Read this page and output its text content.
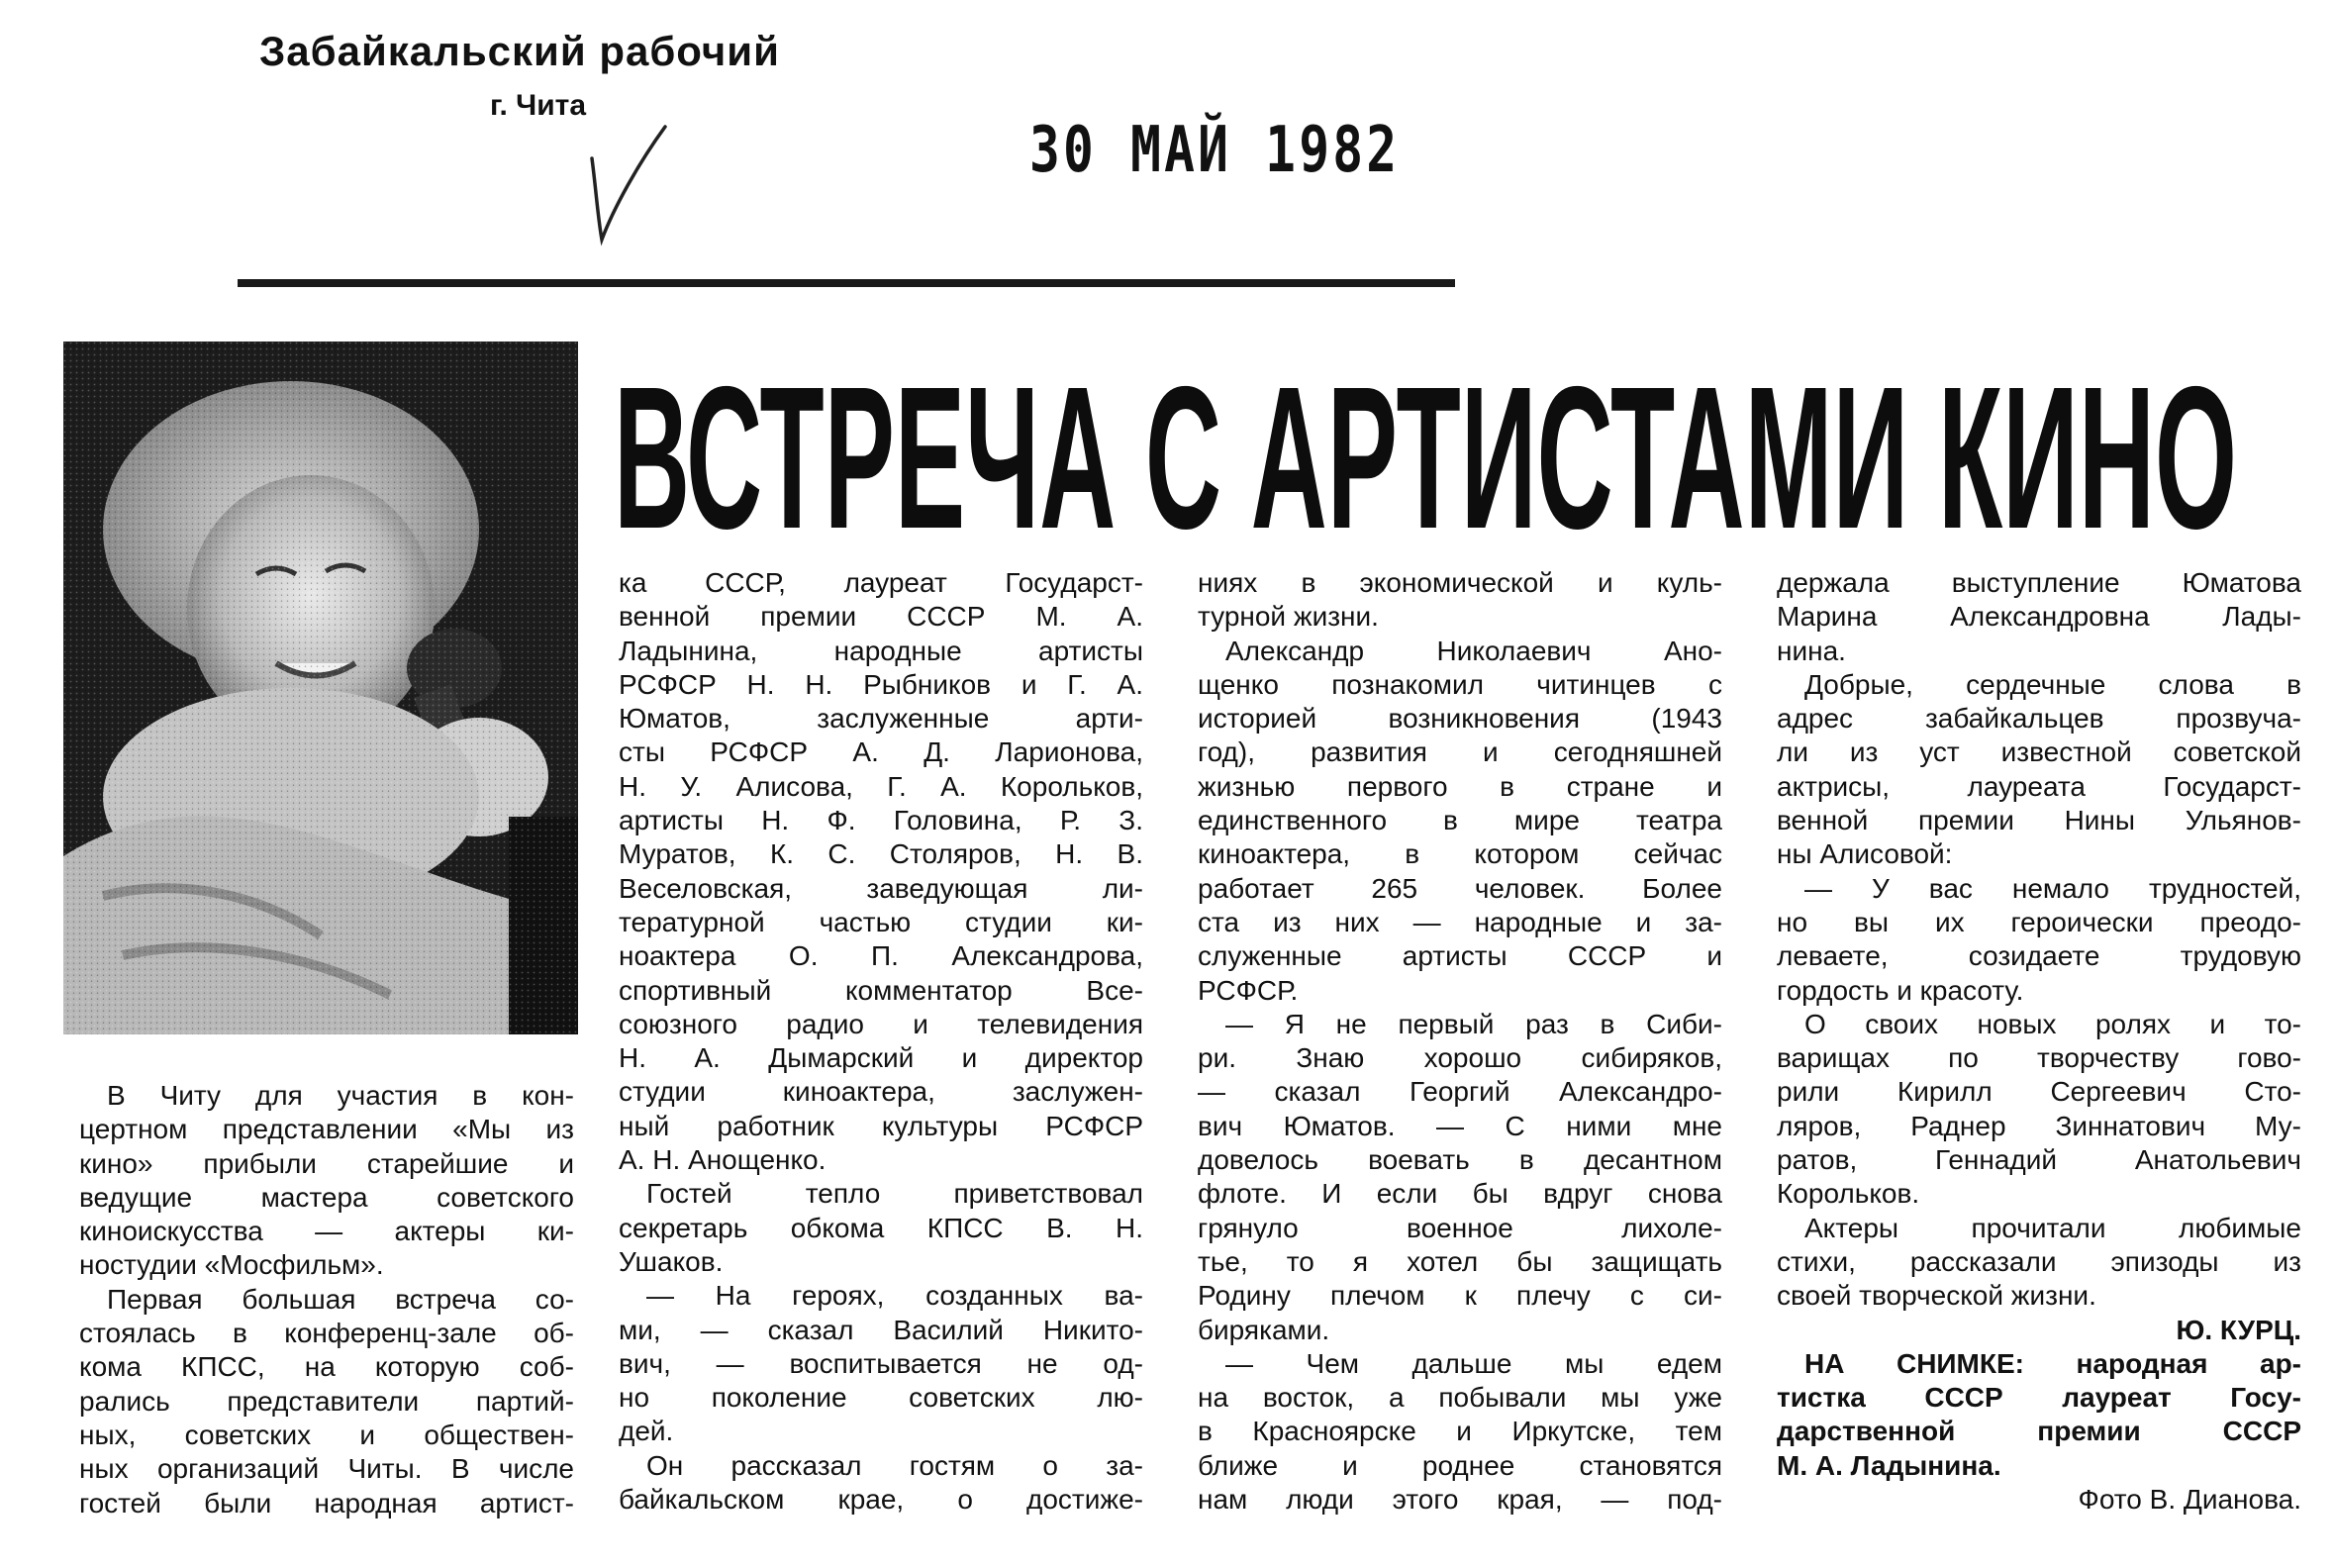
Забайкальский рабочий
г. Чита
30 МАЙ 1982
ВСТРЕЧА С АРТИСТАМИ КИНО

В Читу для участия в кон-

цертном представлении «Мы из

кино» прибыли старейшие и

ведущие мастера советского

киноискусства — актеры ки-

ностудии «Мосфильм».

Первая большая встреча со-

стоялась в конференц-зале об-

кома КПСС, на которую соб-

рались представители партий-

ных, советских и обществен-

ных организаций Читы. В числе

гостей были народная артист-

ка СССР, лауреат Государст-

венной премии СССР М. А.

Ладынина, народные артисты

РСФСР Н. Н. Рыбников и Г. А.

Юматов, заслуженные арти-

сты РСФСР А. Д. Ларионова,

Н. У. Алисова, Г. А. Корольков,

артисты Н. Ф. Головина, Р. З.

Муратов, К. С. Столяров, Н. В.

Веселовская, заведующая ли-

тературной частью студии ки-

ноактера О. П. Александрова,

спортивный комментатор Все-

союзного радио и телевидения

Н. А. Дымарский и директор

студии киноактера, заслужен-

ный работник культуры РСФСР

А. Н. Анощенко.

Гостей тепло приветствовал

секретарь обкома КПСС В. Н.

Ушаков.

— На героях, созданных ва-

ми, — сказал Василий Никито-

вич, — воспитывается не од-

но поколение советских лю-

дей.

Он рассказал гостям о за-

байкальском крае, о достиже-

ниях в экономической и куль-

турной жизни.

Александр Николаевич Ано-

щенко познакомил читинцев с

историей возникновения (1943

год), развития и сегодняшней

жизнью первого в стране и

единственного в мире театра

киноактера, в котором сейчас

работает 265 человек. Более

ста из них — народные и за-

служенные артисты СССР и

РСФСР.

— Я не первый раз в Сиби-

ри. Знаю хорошо сибиряков,

— сказал Георгий Александро-

вич Юматов. — С ними мне

довелось воевать в десантном

флоте. И если бы вдруг снова

грянуло военное лихоле-

тье, то я хотел бы защищать

Родину плечом к плечу с си-

биряками.

— Чем дальше мы едем

на восток, а побывали мы уже

в Красноярске и Иркутске, тем

ближе и роднее становятся

нам люди этого края, — под-

держала выступление Юматова

Марина Александровна Лады-

нина.

Добрые, сердечные слова в

адрес забайкальцев прозвуча-

ли из уст известной советской

актрисы, лауреата Государст-

венной премии Нины Ульянов-

ны Алисовой:

— У вас немало трудностей,

но вы их героически преодо-

леваете, созидаете трудовую

гордость и красоту.

О своих новых ролях и то-

варищах по творчеству гово-

рили Кирилл Сергеевич Сто-

ляров, Раднер Зиннатович Му-

ратов, Геннадий Анатольевич

Корольков.

Актеры прочитали любимые

стихи, рассказали эпизоды из

своей творческой жизни.

Ю. КУРЦ.

НА СНИМКЕ: народная ар-

тистка СССР лауреат Госу-

дарственной премии СССР

М. А. Ладынина.

Фото В. Дианова.
